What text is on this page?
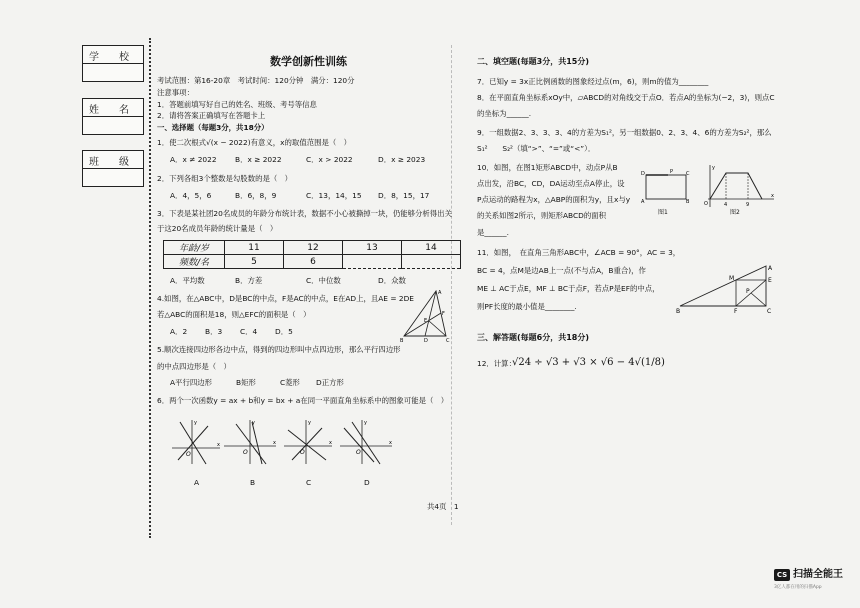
学　　校
姓　　名
班　　级
数学创新性训练
考试范围：第16-20章　考试时间：120分钟　满分：120分
注意事项：
1．答题前填写好自己的姓名、班级、考号等信息
2．请将答案正确填写在答题卡上
一、选择题（每题3分，共18分）
1．使二次根式√(x − 2022)有意义，x的取值范围是（　）
A．x ≠ 2022 B．x ≥ 2022	C．x > 2022	D．x ≥ 2023
2．下列各组3个整数是勾股数的是（　）
A．4，5，6	B．6，8，9	C．13，14，15 D．8，15，17
3．下表是某社团20名成员的年龄分布统计表，数据不小心被撕掉一块，仍能够分析得出关
于这20名成员年龄的统计量是（　）
年龄/岁	11	12	13	14
频数/名	5	6		
A．平均数	B．方差	C．中位数	D．众数
4.如图，在△ABC中，D是BC的中点，F是AC的中点，E在AD上，且AE = 2DE
若△ABC的面积是18，则△EFC的面积是（　）
A．2 B．3 C．4 D．5
A
B	D	C
F
E
5.顺次连接四边形各边中点，得到的四边形叫中点四边形，那么平行四边形
的中点四边形是（　）
A平行四边形	B矩形	C菱形 D正方形
6．两个一次函数y = ax + b和y = bx + a在同一平面直角坐标系中的图象可能是（　）
O
x
y
O
x
y
O
x
y
O
x
y
A	B	C	D
共4页　1
二、填空题(每题3分，共15分)
7．已知y = 3x正比例函数的图象经过点(m，6)，则m的值为________
8．在平面直角坐标系xOy中，▱ABCD的对角线交于点O．若点A的坐标为(−2，3)，则点C
的坐标为______.
9．一组数据2、3、3、3、4的方差为S₁²，另一组数据0、2、3、4、6的方差为S₂²，那么
S₁²　　S₂²（填“>”、“=”或“<”）．
10．如图，在图1矩形ABCD中，动点P从B
点出发，沿BC，CD，DA运动至点A停止，设
P点运动的路程为x，△ABP的面积为y，且x与y
的关系如图2所示，则矩形ABCD的面积
是______.
D	C
A	B
P
图1
O	4	9
y
x
图2
11．如图，　在直角三角形ABC中，∠ACB = 90°，AC = 3，
BC = 4，点M是边AB上一点(不与点A，B重合)，作
ME ⊥ AC于点E，MF ⊥ BC于点F，若点P是EF的中点，
则PF长度的最小值是________.
A
B	C
M	E
F
P
三、解答题(每题6分，共18分)
12．计算：
√24 ÷ √3 + √3 × √6 − 4√(1/8)
CS 扫描全能王
3亿人都在用的扫描App
